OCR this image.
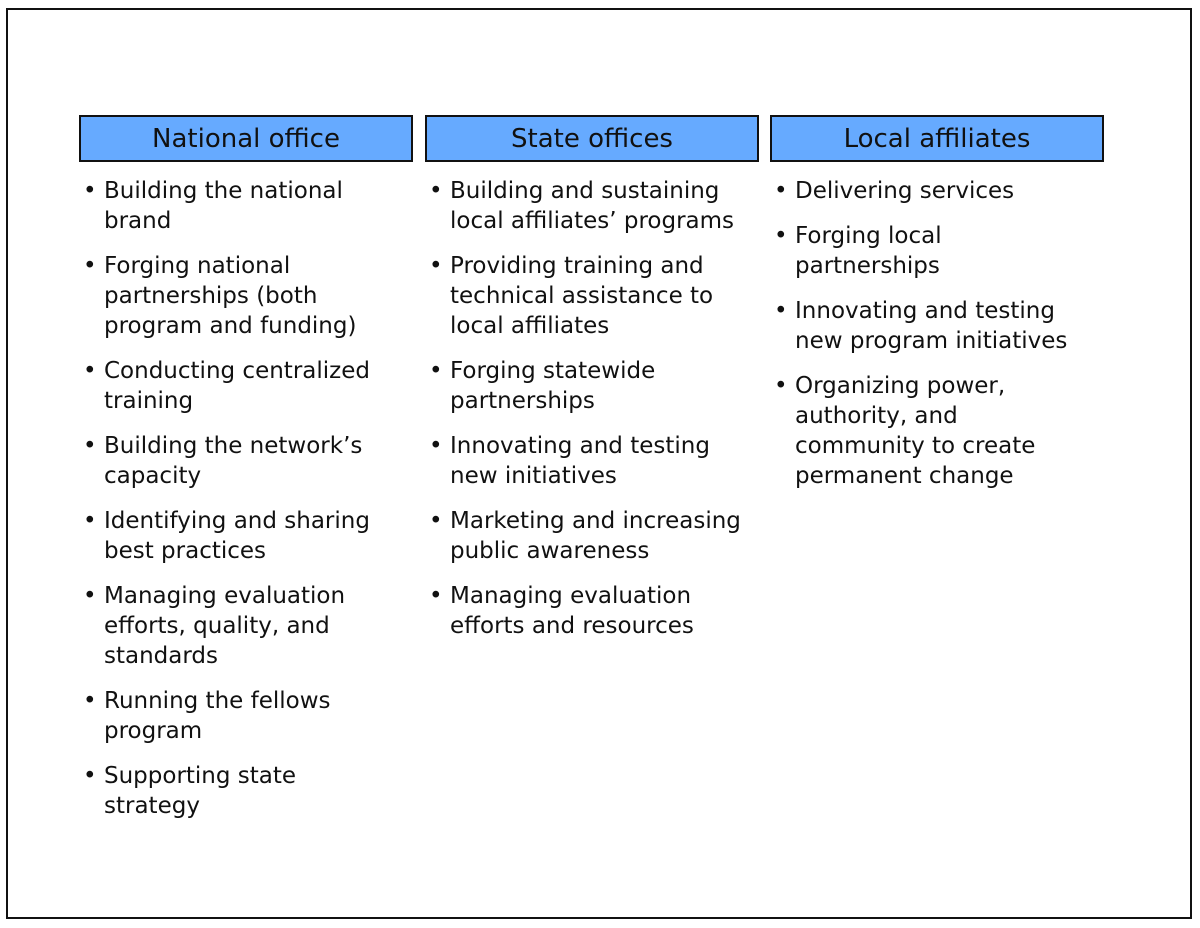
National office
• Building the national
brand
• Forging national
partnerships (both
program and funding)
• Conducting centralized
training
• Building the network’s
capacity
• Identifying and sharing
best practices
• Managing evaluation
efforts, quality, and
standards
• Running the fellows
program
• Supporting state
strategy
State offices
• Building and sustaining
local affiliates’ programs
• Providing training and
technical assistance to
local affiliates
• Forging statewide
partnerships
• Innovating and testing
new initiatives
• Marketing and increasing
public awareness
• Managing evaluation
efforts and resources
Local affiliates
• Delivering services
• Forging local
partnerships
• Innovating and testing
new program initiatives
• Organizing power,
authority, and
community to create
permanent change
